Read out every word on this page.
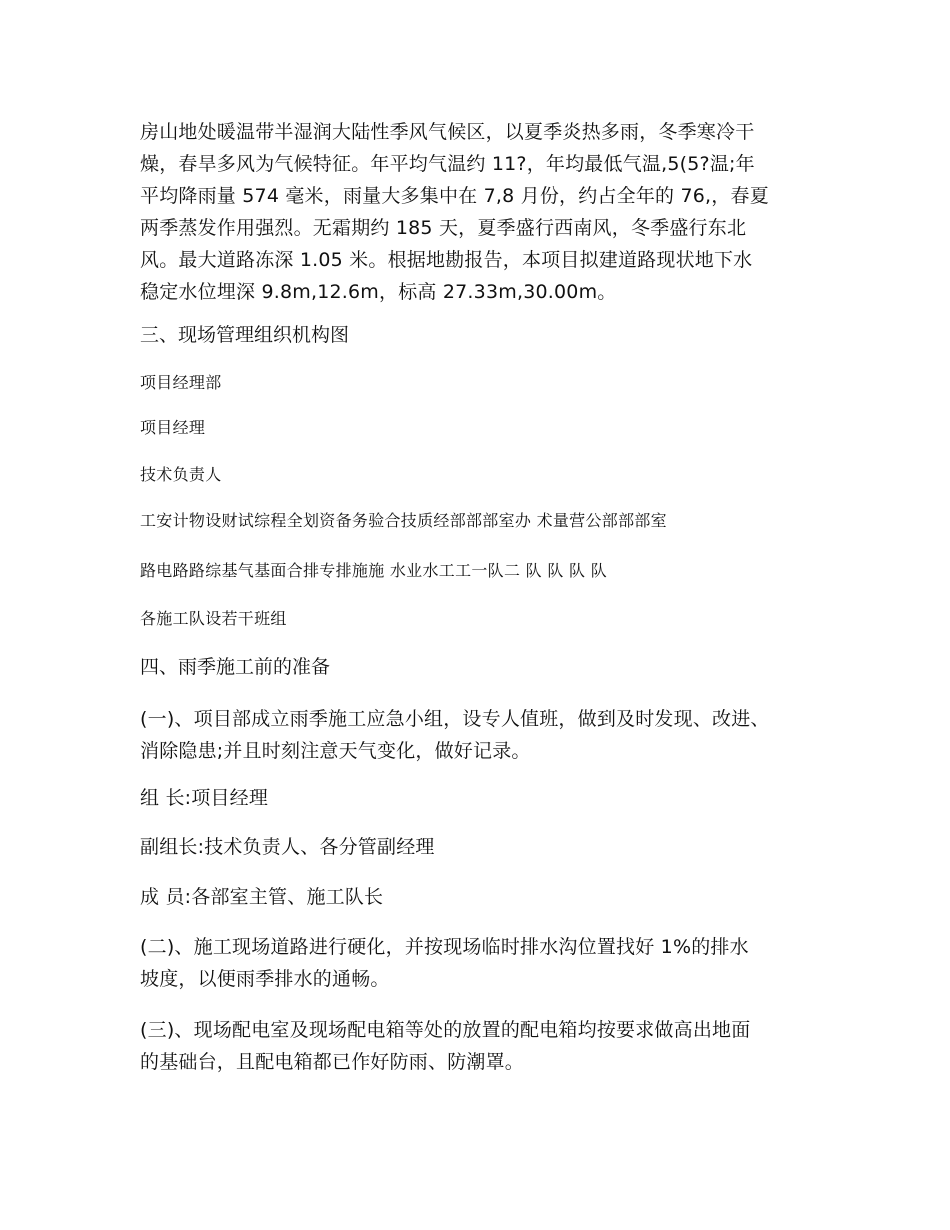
房山地处暖温带半湿润大陆性季风气候区，以夏季炎热多雨，冬季寒冷干
燥，春旱多风为气候特征。年平均气温约 11?，年均最低气温,5(5?温;年
平均降雨量 574 毫米，雨量大多集中在 7,8 月份，约占全年的 76,，春夏
两季蒸发作用强烈。无霜期约 185 天，夏季盛行西南风，冬季盛行东北
风。最大道路冻深 1.05 米。根据地勘报告，本项目拟建道路现状地下水
稳定水位埋深 9.8m,12.6m，标高 27.33m,30.00m。

三、现场管理组织机构图

项目经理部

项目经理

技术负责人

工安计物设财试综程全划资备务验合技质经部部部室办 术量营公部部部室

路电路路综基气基面合排专排施施 水业水工工一队二 队 队 队 队

各施工队设若干班组

四、雨季施工前的准备

(一)、项目部成立雨季施工应急小组，设专人值班，做到及时发现、改进、
消除隐患;并且时刻注意天气变化，做好记录。

组 长:项目经理

副组长:技术负责人、各分管副经理

成 员:各部室主管、施工队长

(二)、施工现场道路进行硬化，并按现场临时排水沟位置找好 1%的排水
坡度，以便雨季排水的通畅。

(三)、现场配电室及现场配电箱等处的放置的配电箱均按要求做高出地面
的基础台，且配电箱都已作好防雨、防潮罩。
